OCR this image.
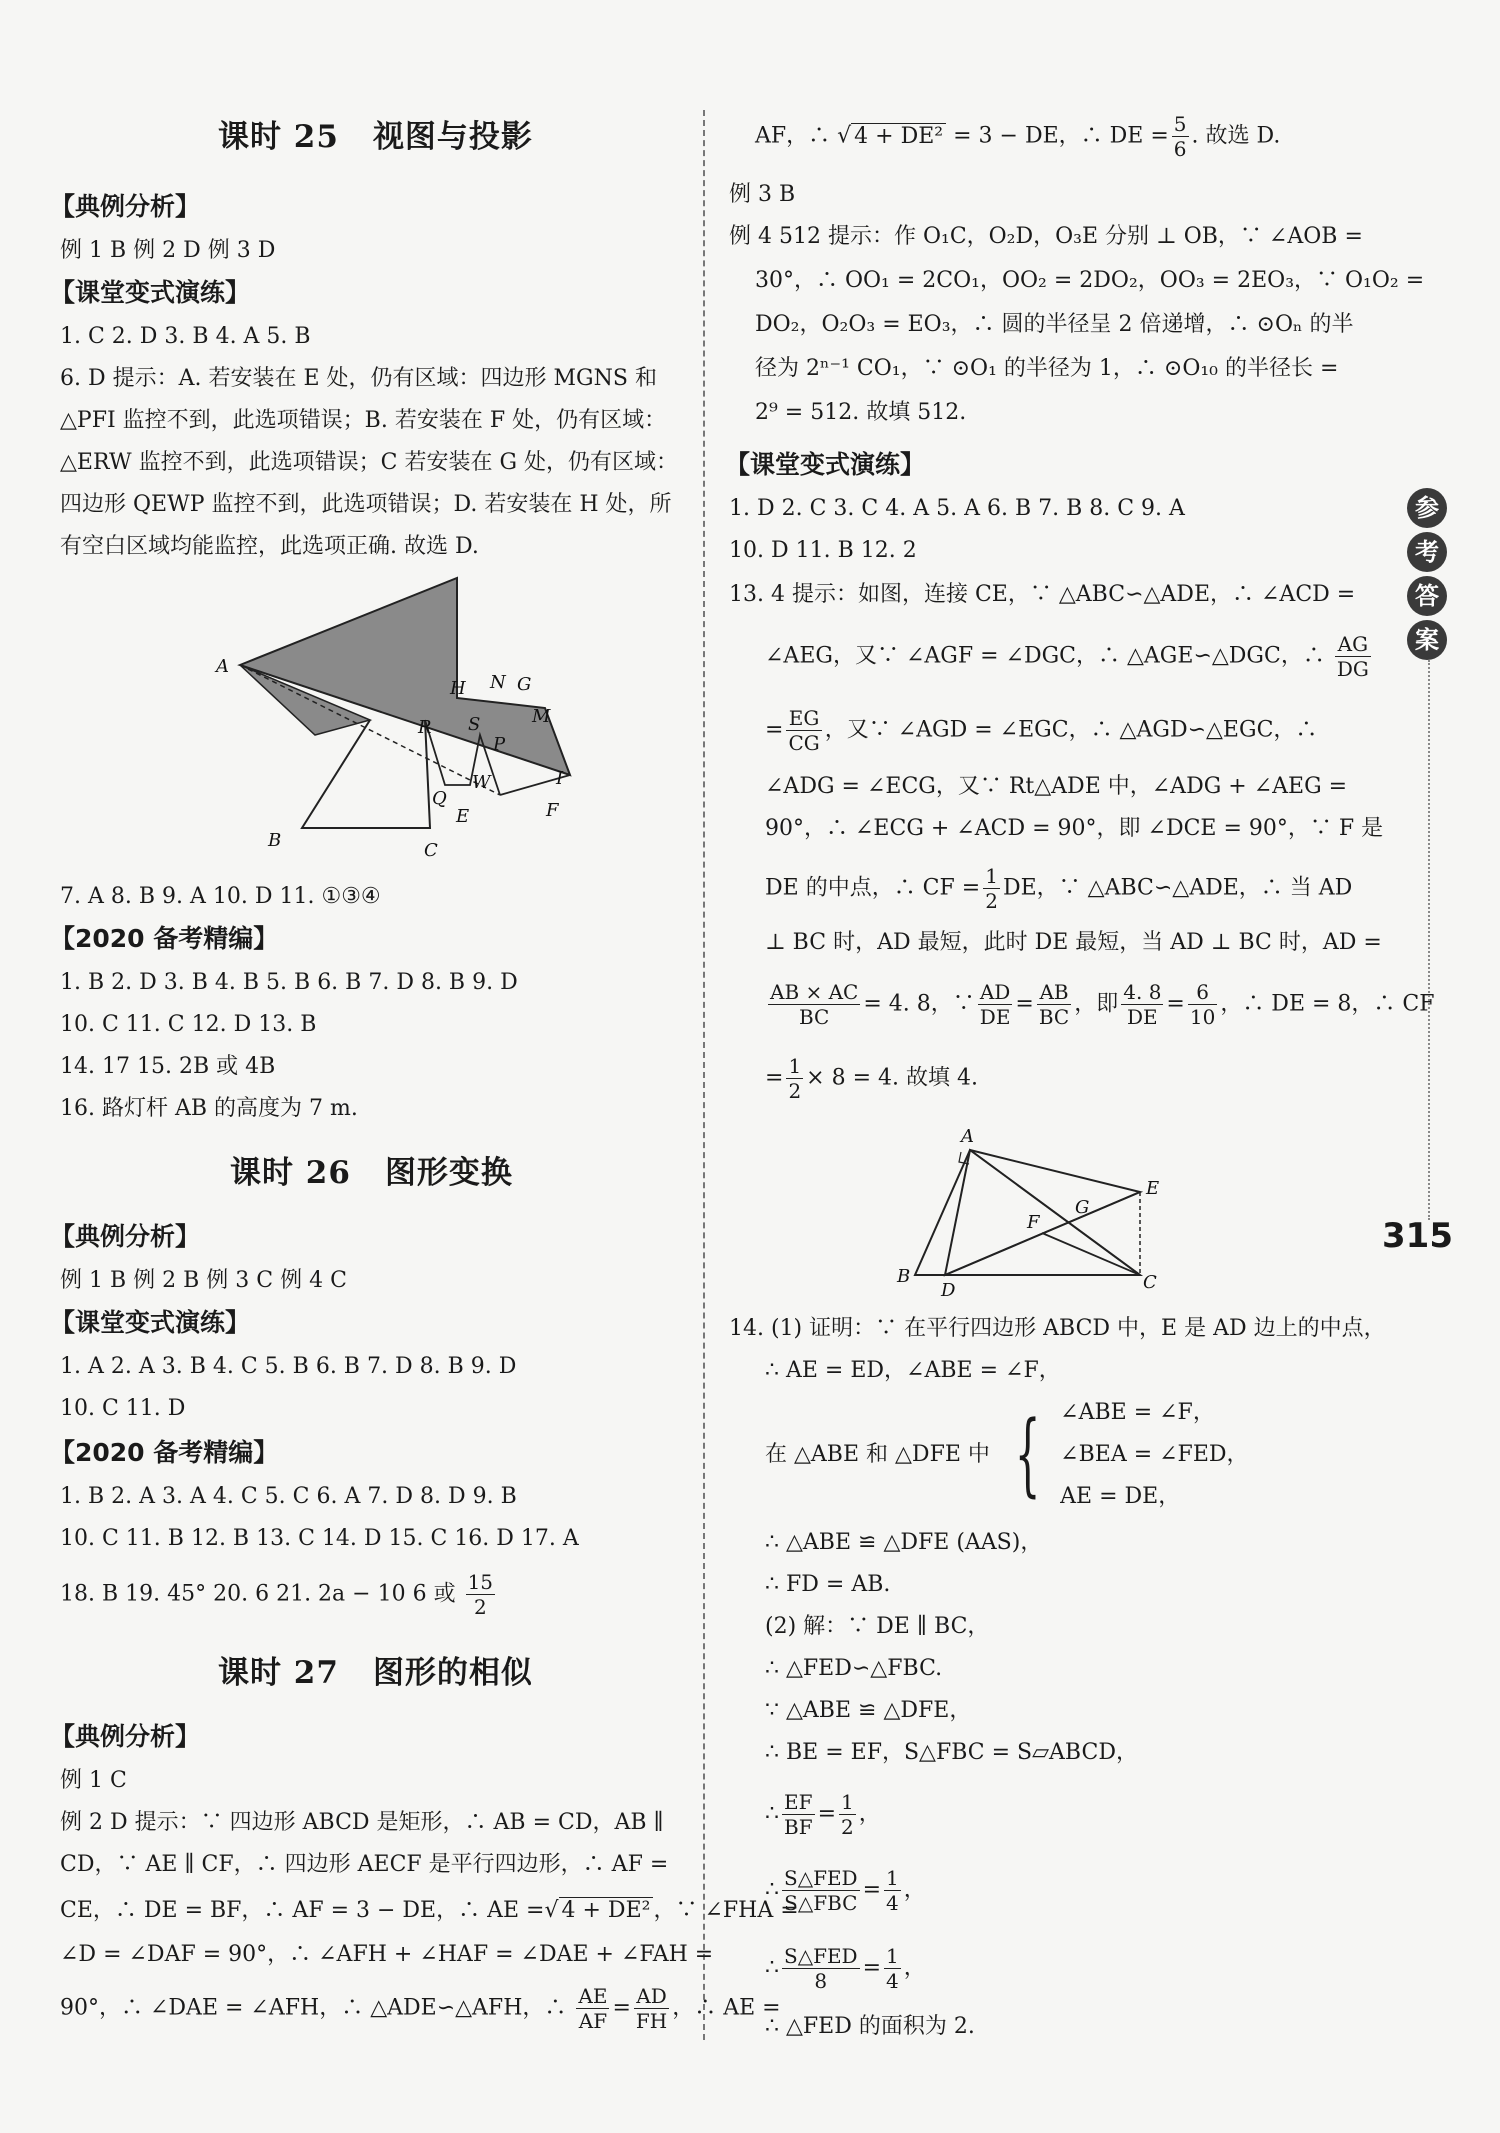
课时 25 视图与投影
【典例分析】
例 1 B 例 2 D 例 3 D
【课堂变式演练】
1. C 2. D 3. B 4. A 5. B
6. D 提示：A. 若安装在 E 处，仍有区域：四边形 MGNS 和 △PFI 监控不到，此选项错误；B. 若安装在 F 处，仍有区域：△ERW 监控不到，此选项错误；C 若安装在 G 处，仍有区域：四边形 QEWP 监控不到，此选项错误；D. 若安装在 H 处，所有空白区域均能监控，此选项正确. 故选 D.
A
H N G
M
R S
P
W
Q
E
I
F
B	C
7. A 8. B 9. A 10. D 11. ①③④
【2020 备考精编】
1. B 2. D 3. B 4. B 5. B 6. B 7. D 8. B 9. D
10. C 11. C 12. D 13. B
14. 17 15. 2B 或 4B
16. 路灯杆 AB 的高度为 7 m.
课时 26 图形变换
【典例分析】
例 1 B 例 2 B 例 3 C 例 4 C
【课堂变式演练】
1. A 2. A 3. B 4. C 5. B 6. B 7. D 8. B 9. D
10. C 11. D
【2020 备考精编】
1. B 2. A 3. A 4. C 5. C 6. A 7. D 8. D 9. B
10. C 11. B 12. B 13. C 14. D 15. C 16. D 17. A
18. B 19. 45° 20. 6 21. 2a − 10 6 或 $\frac{15}{2}$
课时 27 图形的相似
【典例分析】
例 1 C
例 2 D 提示：∵ 四边形 ABCD 是矩形，∴ AB = CD，AB ∥
CD，∵ AE ∥ CF，∴ 四边形 AECF 是平行四边形，∴ AF =
CE，∴ DE = BF，∴ AF = 3 − DE，∴ AE =√ 4 + DE² ，∵ ∠FHA =
∠D = ∠DAF = 90°，∴ ∠AFH + ∠HAF = ∠DAE + ∠FAH =
90°，∴ ∠DAE = ∠AFH，∴ △ADE∽△AFH，∴ $\frac{AE}{AF} = \frac{AD}{FH}$ ，∴ AE =
AF，∴ √ 4 + DE² = 3 − DE，∴ DE = $\frac{5}{6}$ . 故选 D.
例 3 B
例 4 512 提示：作 O₁C，O₂D，O₃E 分别 ⊥ OB，∵ ∠AOB =
30°，∴ OO₁ = 2CO₁，OO₂ = 2DO₂，OO₃ = 2EO₃，∵ O₁O₂ =
DO₂，O₂O₃ = EO₃，∴ 圆的半径呈 2 倍递增，∴ ⊙Oₙ 的半
径为 2ⁿ⁻¹ CO₁，∵ ⊙O₁ 的半径为 1，∴ ⊙O₁₀ 的半径长 =
2⁹ = 512. 故填 512.
【课堂变式演练】
1. D 2. C 3. C 4. A 5. A 6. B 7. B 8. C 9. A
10. D 11. B 12. 2
13. 4 提示：如图，连接 CE，∵ △ABC∽△ADE，∴ ∠ACD =
∠AEG，又∵ ∠AGF = ∠DGC，∴ △AGE∽△DGC，∴ $\frac{AG}{DG}$
= $\frac{EG}{CG}$ ，又∵ ∠AGD = ∠EGC，∴ △AGD∽△EGC，∴
∠ADG = ∠ECG，又∵ Rt△ADE 中，∠ADG + ∠AEG =
90°，∴ ∠ECG + ∠ACD = 90°，即 ∠DCE = 90°，∵ F 是
DE 的中点，∴ CF = $\frac{1}{2}$ DE，∵ △ABC∽△ADE，∴ 当 AD
⊥ BC 时，AD 最短，此时 DE 最短，当 AD ⊥ BC 时，AD =
$\frac{AB \times AC}{BC} = 4$. 8，∵ $\frac{AD}{DE} = \frac{AB}{BC}$ ，即 $\frac{4. 8}{DE} = \frac{6}{10}$ ，∴ DE = 8，∴ CF
= $\frac{1}{2} \times 8 = 4$. 故填 4.
A
E
G
F
B
D	C
14. (1) 证明：∵ 在平行四边形 ABCD 中，E 是 AD 边上的中点，
∴ AE = ED，∠ABE = ∠F，
在 △ABE 和 △DFE 中 { ∠ABE = ∠F，
∠BEA = ∠FED，
AE = DE，
∴ △ABE ≌ △DFE (AAS)，
∴ FD = AB.
(2) 解：∵ DE ∥ BC，
∴ △FED∽△FBC.
∵ △ABE ≌ △DFE，
∴ BE = EF，S△FBC = S▱ABCD，
∴ $\frac{EF}{BF} = \frac{1}{2}$ ，
∴ $\frac{\text{S△FED}}{\text{S△FBC}} = \frac{1}{4}$ ，
∴ $\frac{\text{S△FED}}{8} = \frac{1}{4}$ ，
∴ △FED 的面积为 2.
参
考
答
案
315
